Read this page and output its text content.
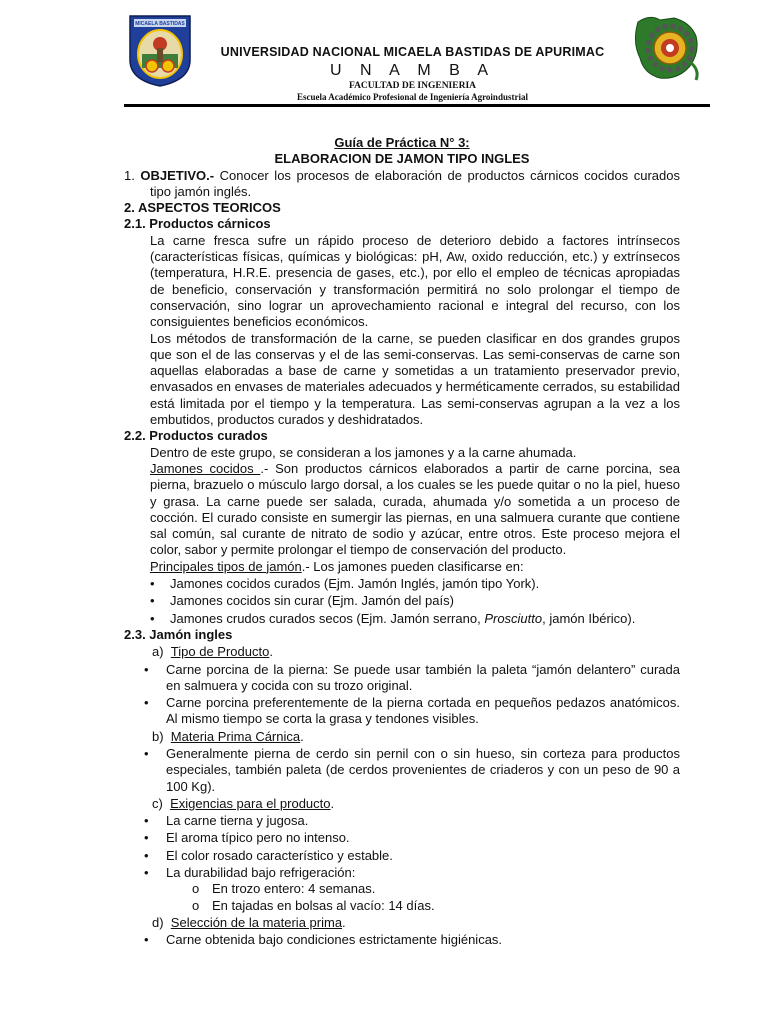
MICAELA BASTIDAS
UNIVERSIDAD NACIONAL MICAELA BASTIDAS DE APURIMAC
U N A M B A
FACULTAD DE INGENIERIA
Escuela Académico Profesional de Ingeniería Agroindustrial

Guía de Práctica N° 3:

ELABORACION DE JAMON TIPO INGLES

1. OBJETIVO.- Conocer los procesos de elaboración de productos cárnicos cocidos curados tipo jamón inglés.

2. ASPECTOS TEORICOS

2.1. Productos cárnicos

La carne fresca sufre un rápido proceso de deterioro debido a factores intrínsecos (características físicas, químicas y biológicas: pH, Aw, oxido reducción, etc.) y extrínsecos (temperatura, H.R.E. presencia de gases, etc.), por ello el empleo de técnicas apropiadas de beneficio, conservación y transformación permitirá no solo prolongar el tiempo de conservación, sino lograr un aprovechamiento racional e integral del recurso, con los consiguientes beneficios económicos.

Los métodos de transformación de la carne, se pueden clasificar en dos grandes grupos que son el de las conservas y el de las semi-conservas. Las semi-conservas de carne son aquellas elaboradas a base de carne y sometidas a un tratamiento preservador previo, envasados en envases de materiales adecuados y herméticamente cerrados, su estabilidad está limitada por el tiempo y la temperatura. Las semi-conservas agrupan a la vez a los embutidos, productos curados y deshidratados.

2.2. Productos curados

Dentro de este grupo, se consideran a los jamones y a la carne ahumada.

Jamones cocidos .- Son productos cárnicos elaborados a partir de carne porcina, sea pierna, brazuelo o músculo largo dorsal, a los cuales se les puede quitar o no la piel, hueso y grasa. La carne puede ser salada, curada, ahumada y/o sometida a un proceso de cocción. El curado consiste en sumergir las piernas, en una salmuera curante que contiene sal común, sal curante de nitrato de sodio y azúcar, entre otros. Este proceso mejora el color, sabor y permite prolongar el tiempo de conservación del producto.

Principales tipos de jamón.- Los jamones pueden clasificarse en:

• Jamones cocidos curados (Ejm. Jamón Inglés, jamón tipo York).

• Jamones cocidos sin curar (Ejm. Jamón del país)

• Jamones crudos curados secos (Ejm. Jamón serrano, Prosciutto, jamón Ibérico).

2.3. Jamón ingles

a) Tipo de Producto.

• Carne porcina de la pierna: Se puede usar también la paleta “jamón delantero” curada en salmuera y cocida con su trozo original.

• Carne porcina preferentemente de la pierna cortada en pequeños pedazos anatómicos. Al mismo tiempo se corta la grasa y tendones visibles.

b) Materia Prima Cárnica.

• Generalmente pierna de cerdo sin pernil con o sin hueso, sin corteza para productos especiales, también paleta (de cerdos provenientes de criaderos y con un peso de 90 a 100 Kg).

c) Exigencias para el producto.

• La carne tierna y jugosa.

• El aroma típico pero no intenso.

• El color rosado característico y estable.

• La durabilidad bajo refrigeración:

o En trozo entero: 4 semanas.

o En tajadas en bolsas al vacío: 14 días.

d) Selección de la materia prima.

• Carne obtenida bajo condiciones estrictamente higiénicas.
